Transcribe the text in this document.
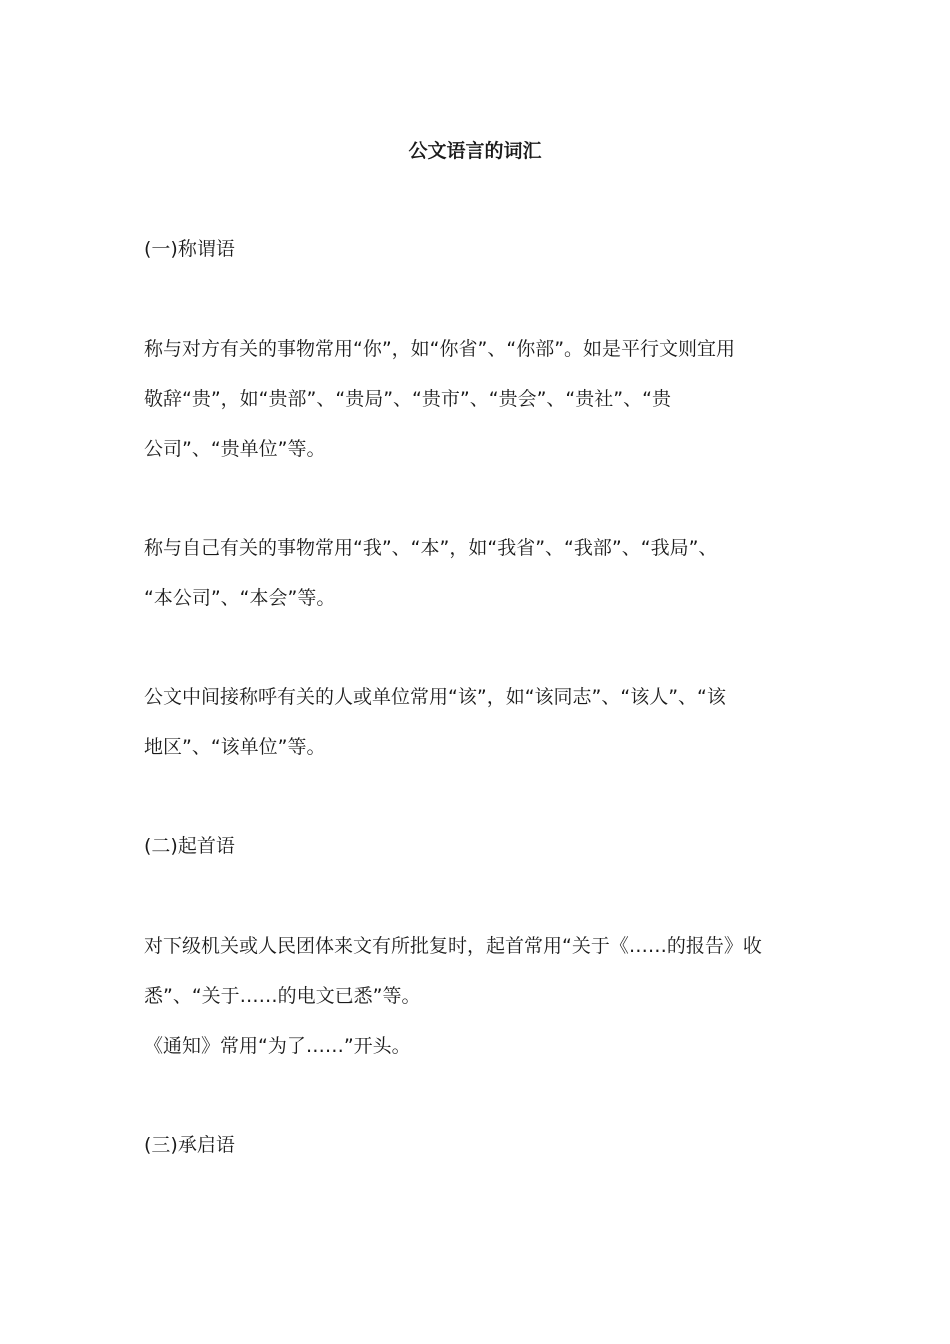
公文语言的词汇
(一)称谓语
称与对方有关的事物常用“你”，如“你省”、“你部”。如是平行文则宜用
敬辞“贵”，如“贵部”、“贵局”、“贵市”、“贵会”、“贵社”、“贵
公司”、“贵单位”等。
称与自己有关的事物常用“我”、“本”，如“我省”、“我部”、“我局”、
“本公司”、“本会”等。
公文中间接称呼有关的人或单位常用“该”，如“该同志”、“该人”、“该
地区”、“该单位”等。
(二)起首语
对下级机关或人民团体来文有所批复时，起首常用“关于《……的报告》收
悉”、“关于……的电文已悉”等。
《通知》常用“为了……”开头。
(三)承启语
